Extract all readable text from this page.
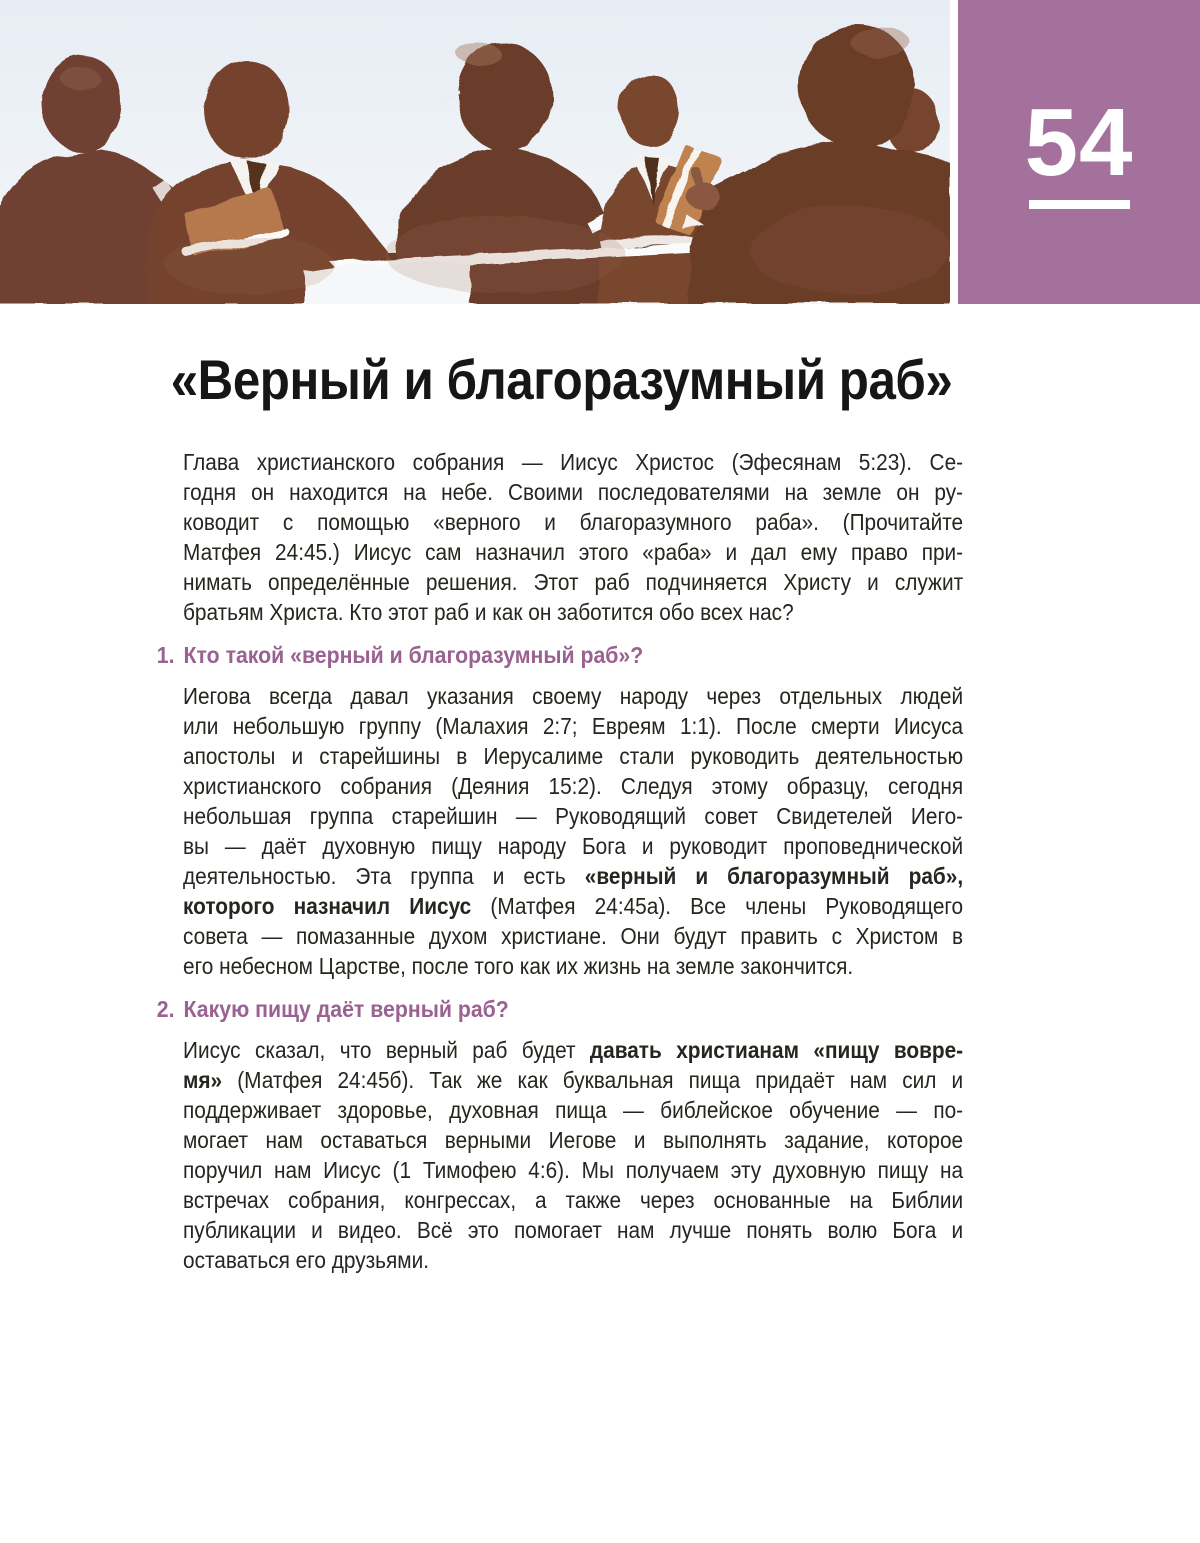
54
«Верный и благоразумный раб»
Глава христианского собрания — Иисус Христос (Эфесянам 5:23). Се-
годня он находится на небе. Своими последователями на земле он ру-
ководит с помощью «верного и благоразумного раба». (Прочитайте
Матфея 24:45.) Иисус сам назначил этого «раба» и дал ему право при-
нимать определённые решения. Этот раб подчиняется Христу и служит
братьям Христа. Кто этот раб и как он заботится обо всех нас?
1. Кто такой «верный и благоразумный раб»?
Иегова всегда давал указания своему народу через отдельных людей
или небольшую группу (Малахия 2:7; Евреям 1:1). После смерти Иисуса
апостолы и старейшины в Иерусалиме стали руководить деятельностью
христианского собрания (Деяния 15:2). Следуя этому образцу, сегодня
небольшая группа старейшин — Руководящий совет Свидетелей Иего-
вы — даёт духовную пищу народу Бога и руководит проповеднической
деятельностью. Эта группа и есть «верный и благоразумный раб»,
которого назначил Иисус (Матфея 24:45а). Все члены Руководящего
совета — помазанные духом христиане. Они будут править с Христом в
его небесном Царстве, после того как их жизнь на земле закончится.
2. Какую пищу даёт верный раб?
Иисус сказал, что верный раб будет давать христианам «пищу вовре-
мя» (Матфея 24:45б). Так же как буквальная пища придаёт нам сил и
поддерживает здоровье, духовная пища — библейское обучение — по-
могает нам оставаться верными Иегове и выполнять задание, которое
поручил нам Иисус (1 Тимофею 4:6). Мы получаем эту духовную пищу на
встречах собрания, конгрессах, а также через основанные на Библии
публикации и видео. Всё это помогает нам лучше понять волю Бога и
оставаться его друзьями.
